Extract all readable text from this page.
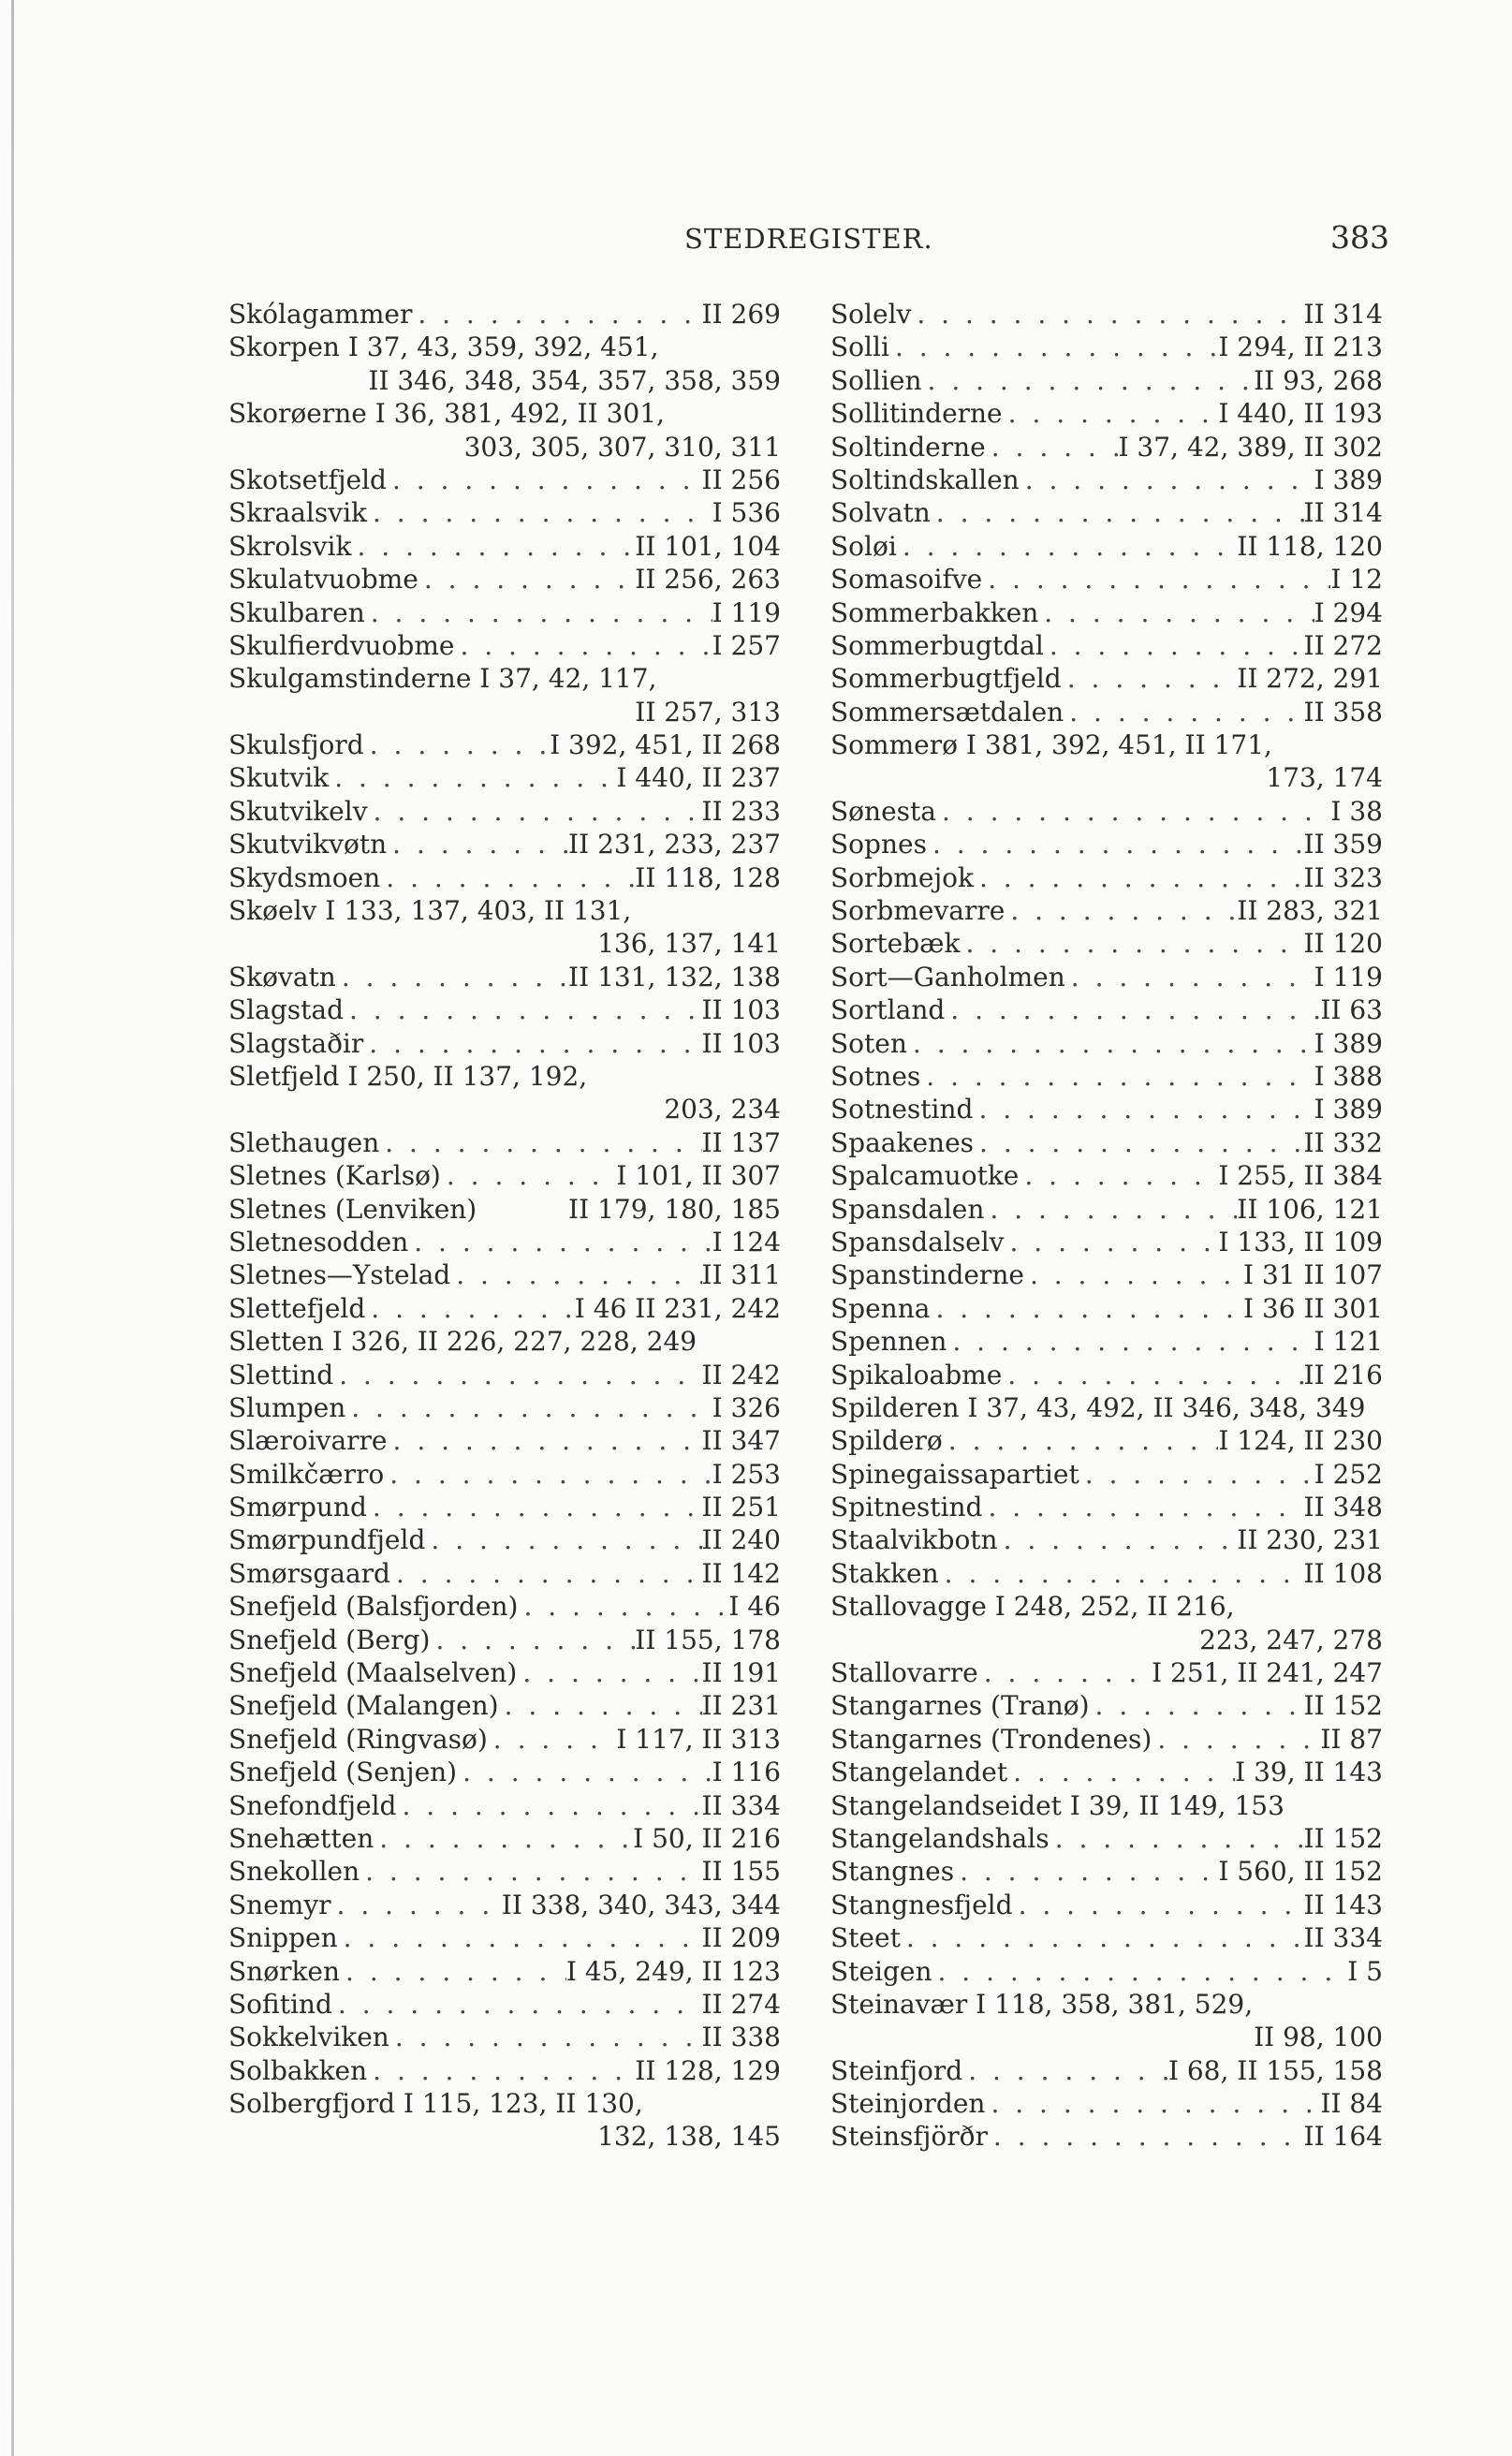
STEDREGISTER.	383
Skólagammer . . .	II 269
Skorpen I 37, 43, 359, 392, 451,
II 346, 348, 354, 357, 358, 359
Skorøerne I 36, 381, 492, II 301,
303, 305, 307, 310, 311
Skotsetfjeld . . .	II 256
Skraalsvik . . .	I 536
Skrolsvik . . .	II 101, 104
Skulatvuobme . . .	II 256, 263
Skulbaren . . .	I 119
Skulfierdvuobme . . .	I 257
Skulgamstinderne I 37, 42, 117,
II 257, 313
Skulsfjord . . .	I 392, 451, II 268
Skutvik . . .	I 440, II 237
Skutvikelv . . .	II 233
Skutvikvøtn . . .	II 231, 233, 237
Skydsmoen . . .	II 118, 128
Skøelv I 133, 137, 403, II 131,
136, 137, 141
Skøvatn . . .	II 131, 132, 138
Slagstad . . .	II 103
Slagstaðir . . .	II 103
Sletfjeld I 250, II 137, 192,
203, 234
Slethaugen . . .	II 137
Sletnes (Karlsø) . . .	I 101, II 307
Sletnes (Lenviken)	II 179, 180, 185
Sletnesodden . . .	I 124
Sletnes—Ystelad . . .	II 311
Slettefjeld . . .	I 46 II 231, 242
Sletten I 326, II 226, 227, 228, 249
Slettind . . .	II 242
Slumpen . . .	I 326
Slæroivarre . . .	II 347
Smilkčærro . . .	I 253
Smørpund . . .	II 251
Smørpundfjeld . . .	II 240
Smørsgaard . . .	II 142
Snefjeld (Balsfjorden) . . .	I 46
Snefjeld (Berg) . . .	II 155, 178
Snefjeld (Maalselven) . . .	II 191
Snefjeld (Malangen) . . .	II 231
Snefjeld (Ringvasø) . . .	I 117, II 313
Snefjeld (Senjen) . . .	I 116
Snefondfjeld . . .	II 334
Snehætten . . .	I 50, II 216
Snekollen . . .	II 155
Snemyr . . .	II 338, 340, 343, 344
Snippen . . .	II 209
Snørken . . .	I 45, 249, II 123
Sofitind . . .	II 274
Sokkelviken . . .	II 338
Solbakken . . .	II 128, 129
Solbergfjord I 115, 123, II 130,
132, 138, 145
Solelv . . .	II 314
Solli . . .	I 294, II 213
Sollien . . .	II 93, 268
Sollitinderne . . .	I 440, II 193
Soltinderne . . .	I 37, 42, 389, II 302
Soltindskallen . . .	I 389
Solvatn . . .	II 314
Soløi . . .	II 118, 120
Somasoifve . . .	I 12
Sommerbakken . . .	I 294
Sommerbugtdal . . .	II 272
Sommerbugtfjeld . . .	II 272, 291
Sommersætdalen . . .	II 358
Sommerø I 381, 392, 451, II 171,
173, 174
Sønesta . . .	I 38
Sopnes . . .	II 359
Sorbmejok . . .	II 323
Sorbmevarre . . .	II 283, 321
Sortebæk . . .	II 120
Sort—Ganholmen . . .	I 119
Sortland . . .	II 63
Soten . . .	I 389
Sotnes . . .	I 388
Sotnestind . . .	I 389
Spaakenes . . .	II 332
Spalcamuotke . . .	I 255, II 384
Spansdalen . . .	II 106, 121
Spansdalselv . . .	I 133, II 109
Spanstinderne . . .	I 31 II 107
Spenna . . .	I 36 II 301
Spennen . . .	I 121
Spikaloabme . . .	II 216
Spilderen I 37, 43, 492, II 346, 348, 349
Spilderø . . .	I 124, II 230
Spinegaissapartiet . . .	I 252
Spitnestind . . .	II 348
Staalvikbotn . . .	II 230, 231
Stakken . . .	II 108
Stallovagge I 248, 252, II 216,
223, 247, 278
Stallovarre . . .	I 251, II 241, 247
Stangarnes (Tranø) . . .	II 152
Stangarnes (Trondenes) . . .	II 87
Stangelandet . . .	I 39, II 143
Stangelandseidet I 39, II 149, 153
Stangelandshals . . .	II 152
Stangnes . . .	I 560, II 152
Stangnesfjeld . . .	II 143
Steet . . .	II 334
Steigen . . .	I 5
Steinavær I 118, 358, 381, 529,
II 98, 100
Steinfjord . . .	I 68, II 155, 158
Steinjorden . . .	II 84
Steinsfjörðr . . .	II 164
